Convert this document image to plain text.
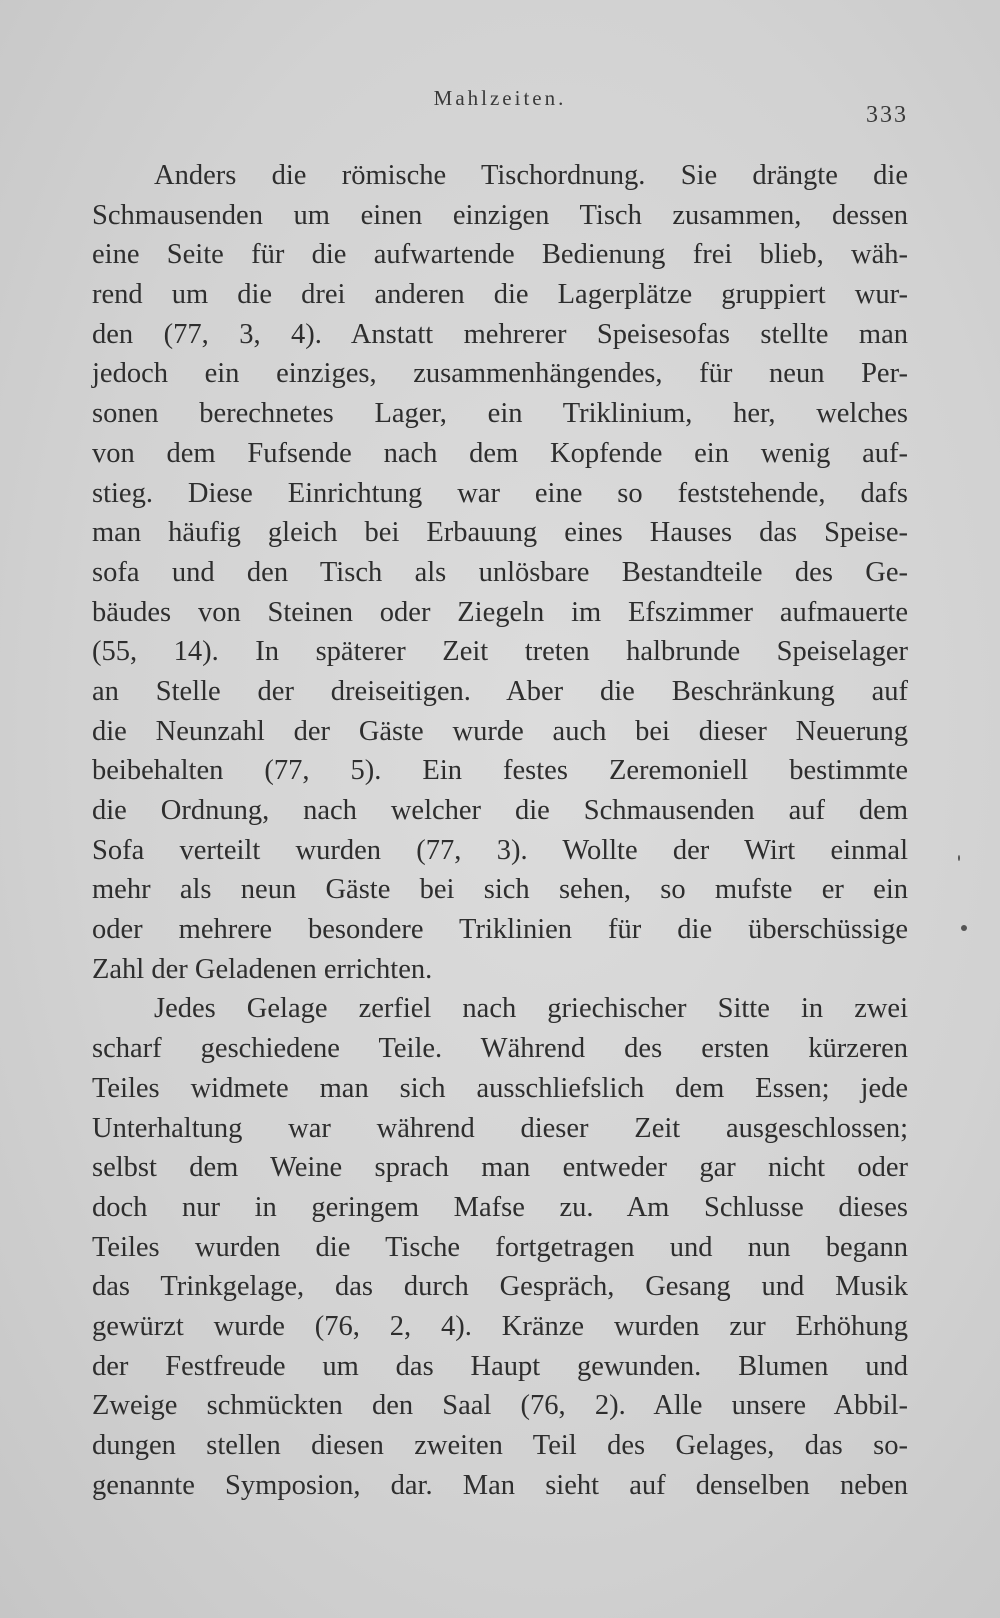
Mahlzeiten.
333
Anders die römische Tischordnung. Sie drängte die
Schmausenden um einen einzigen Tisch zusammen, dessen
eine Seite für die aufwartende Bedienung frei blieb, wäh-
rend um die drei anderen die Lagerplätze gruppiert wur-
den (77, 3, 4). Anstatt mehrerer Speisesofas stellte man
jedoch ein einziges, zusammenhängendes, für neun Per-
sonen berechnetes Lager, ein Triklinium, her, welches
von dem Fufsende nach dem Kopfende ein wenig auf-
stieg. Diese Einrichtung war eine so feststehende, dafs
man häufig gleich bei Erbauung eines Hauses das Speise-
sofa und den Tisch als unlösbare Bestandteile des Ge-
bäudes von Steinen oder Ziegeln im Efszimmer aufmauerte
(55, 14). In späterer Zeit treten halbrunde Speiselager
an Stelle der dreiseitigen. Aber die Beschränkung auf
die Neunzahl der Gäste wurde auch bei dieser Neuerung
beibehalten (77, 5). Ein festes Zeremoniell bestimmte
die Ordnung, nach welcher die Schmausenden auf dem
Sofa verteilt wurden (77, 3). Wollte der Wirt einmal
mehr als neun Gäste bei sich sehen, so mufste er ein
oder mehrere besondere Triklinien für die überschüssige
Zahl der Geladenen errichten.
Jedes Gelage zerfiel nach griechischer Sitte in zwei
scharf geschiedene Teile. Während des ersten kürzeren
Teiles widmete man sich ausschliefslich dem Essen; jede
Unterhaltung war während dieser Zeit ausgeschlossen;
selbst dem Weine sprach man entweder gar nicht oder
doch nur in geringem Mafse zu. Am Schlusse dieses
Teiles wurden die Tische fortgetragen und nun begann
das Trinkgelage, das durch Gespräch, Gesang und Musik
gewürzt wurde (76, 2, 4). Kränze wurden zur Erhöhung
der Festfreude um das Haupt gewunden. Blumen und
Zweige schmückten den Saal (76, 2). Alle unsere Abbil-
dungen stellen diesen zweiten Teil des Gelages, das so-
genannte Symposion, dar. Man sieht auf denselben neben
